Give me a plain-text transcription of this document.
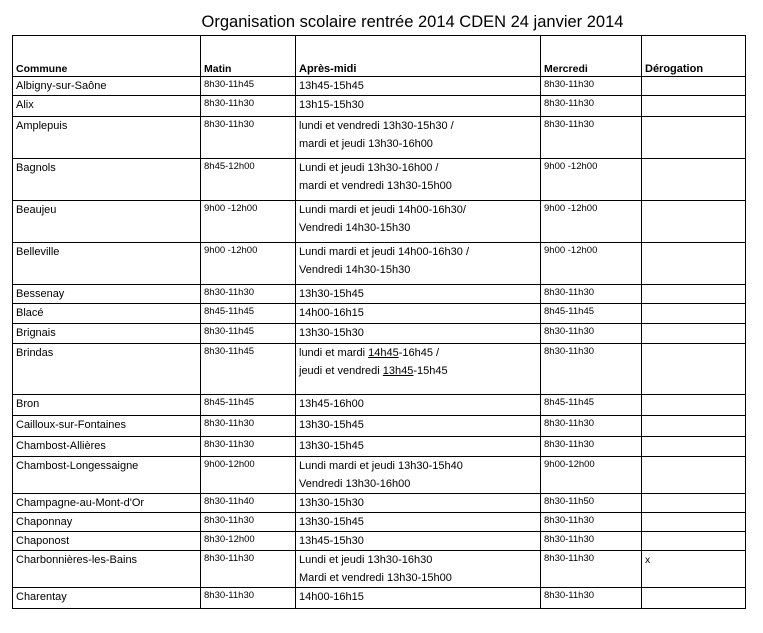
Organisation scolaire rentrée 2014 CDEN 24 janvier 2014
Commune	Matin	Après-midi	Mercredi	Dérogation
Albigny-sur-Saône	8h30-11h45	13h45-15h45	8h30-11h30	
Alix	8h30-11h30	13h15-15h30	8h30-11h30	
Amplepuis	8h30-11h30	lundi et vendredi 13h30-15h30 /
mardi et jeudi 13h30-16h00	8h30-11h30	
Bagnols	8h45-12h00	Lundi et jeudi 13h30-16h00 /
mardi et vendredi 13h30-15h00	9h00 -12h00	
Beaujeu	9h00 -12h00	Lundi mardi et jeudi 14h00-16h30/
Vendredi 14h30-15h30	9h00 -12h00	
Belleville	9h00 -12h00	Lundi mardi et jeudi 14h00-16h30 /
Vendredi 14h30-15h30	9h00 -12h00	
Bessenay	8h30-11h30	13h30-15h45	8h30-11h30	
Blacé	8h45-11h45	14h00-16h15	8h45-11h45	
Brignais	8h30-11h45	13h30-15h30	8h30-11h30	
Brindas	8h30-11h45	lundi et mardi 14h45-16h45 /
jeudi et vendredi 13h45-15h45	8h30-11h30	
Bron	8h45-11h45	13h45-16h00	8h45-11h45	
Cailloux-sur-Fontaines	8h30-11h30	13h30-15h45	8h30-11h30	
Chambost-Allières	8h30-11h30	13h30-15h45	8h30-11h30	
Chambost-Longessaigne	9h00-12h00	Lundi mardi et jeudi 13h30-15h40
Vendredi 13h30-16h00	9h00-12h00	
Champagne-au-Mont-d'Or	8h30-11h40	13h30-15h30	8h30-11h50	
Chaponnay	8h30-11h30	13h30-15h45	8h30-11h30	
Chaponost	8h30-12h00	13h45-15h30	8h30-11h30	
Charbonnières-les-Bains	8h30-11h30	Lundi et jeudi 13h30-16h30
Mardi et vendredi 13h30-15h00	8h30-11h30	x
Charentay	8h30-11h30	14h00-16h15	8h30-11h30	
